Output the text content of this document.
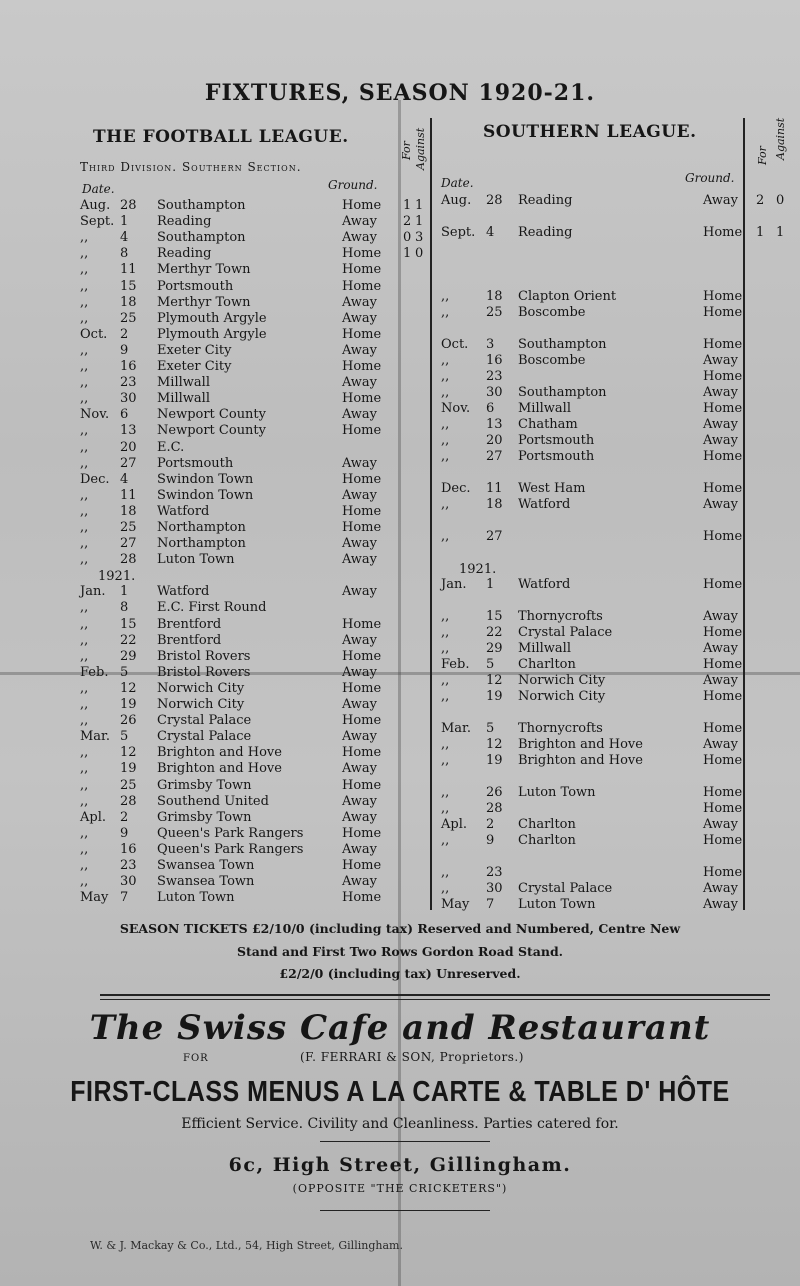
FIXTURES, SEASON 1920-21.
THE FOOTBALL LEAGUE.
Third Division. Southern Section.
Date.	Ground.
For Against
Aug. 28 Southampton	Home 1 1
Sept. 1 Reading	Away 2 1
,, 4 Southampton	Away 0 3
,, 8 Reading	Home 1 0
,, 11 Merthyr Town	Home
,, 15 Portsmouth	Home
,, 18 Merthyr Town	Away
,, 25 Plymouth Argyle	Away
Oct. 2 Plymouth Argyle	Home
,, 9 Exeter City	Away
,, 16 Exeter City	Home
,, 23 Millwall	Away
,, 30 Millwall	Home
Nov. 6 Newport County	Away
,, 13 Newport County	Home
,, 20 E.C.
,, 27 Portsmouth	Away
Dec. 4 Swindon Town	Home
,, 11 Swindon Town	Away
,, 18 Watford	Home
,, 25 Northampton	Home
,, 27 Northampton	Away
,, 28 Luton Town	Away
1921.
Jan. 1 Watford	Away
,, 8 E.C. First Round
,, 15 Brentford	Home
,, 22 Brentford	Away
,, 29 Bristol Rovers	Home
Feb. 5 Bristol Rovers	Away
,, 12 Norwich City	Home
,, 19 Norwich City	Away
,, 26 Crystal Palace	Home
Mar. 5 Crystal Palace	Away
,, 12 Brighton and Hove	Home
,, 19 Brighton and Hove	Away
,, 25 Grimsby Town	Home
,, 28 Southend United	Away
Apl. 2 Grimsby Town	Away
,, 9 Queen's Park Rangers	Home
,, 16 Queen's Park Rangers	Away
,, 23 Swansea Town	Home
,, 30 Swansea Town	Away
May 7 Luton Town	Home
SOUTHERN LEAGUE.
Date.	Ground.
For Against
Aug. 28 Reading	Away 2 0
Sept. 4 Reading	Home 1 1
,,	18 Clapton Orient	Home
,,	25 Boscombe	Home
Oct. 3 Southampton	Home
,,	16 Boscombe	Away
,,	23	Home
,,	30 Southampton	Away
Nov. 6 Millwall	Home
,,	13 Chatham	Away
,,	20 Portsmouth	Away
,,	27 Portsmouth	Home
Dec. 11 West Ham	Home
,,	18 Watford	Away
,,	27	Home
1921.
Jan. 1 Watford	Home
,,	15 Thornycrofts	Away
,,	22 Crystal Palace	Home
,,	29 Millwall	Away
Feb. 5 Charlton	Home
,,	12 Norwich City	Away
,,	19 Norwich City	Home
Mar. 5 Thornycrofts	Home
,,	12 Brighton and Hove	Away
,,	19 Brighton and Hove	Home
,,	26 Luton Town	Home
,,	28	Home
Apl. 2 Charlton	Away
,,	9 Charlton	Home
,,	23	Home
,,	30 Crystal Palace	Away
May 7 Luton Town	Away
SEASON TICKETS £2/10/0 (including tax) Reserved and Numbered, Centre New
Stand and First Two Rows Gordon Road Stand.
£2/2/0 (including tax) Unreserved.
The Swiss Cafe and Restaurant
FOR	(F. FERRARI & SON, Proprietors.)
FIRST-CLASS MENUS A LA CARTE & TABLE D' HÔTE
Efficient Service. Civility and Cleanliness. Parties catered for.
6c, High Street, Gillingham.
(OPPOSITE "THE CRICKETERS")
W. & J. Mackay & Co., Ltd., 54, High Street, Gillingham.
